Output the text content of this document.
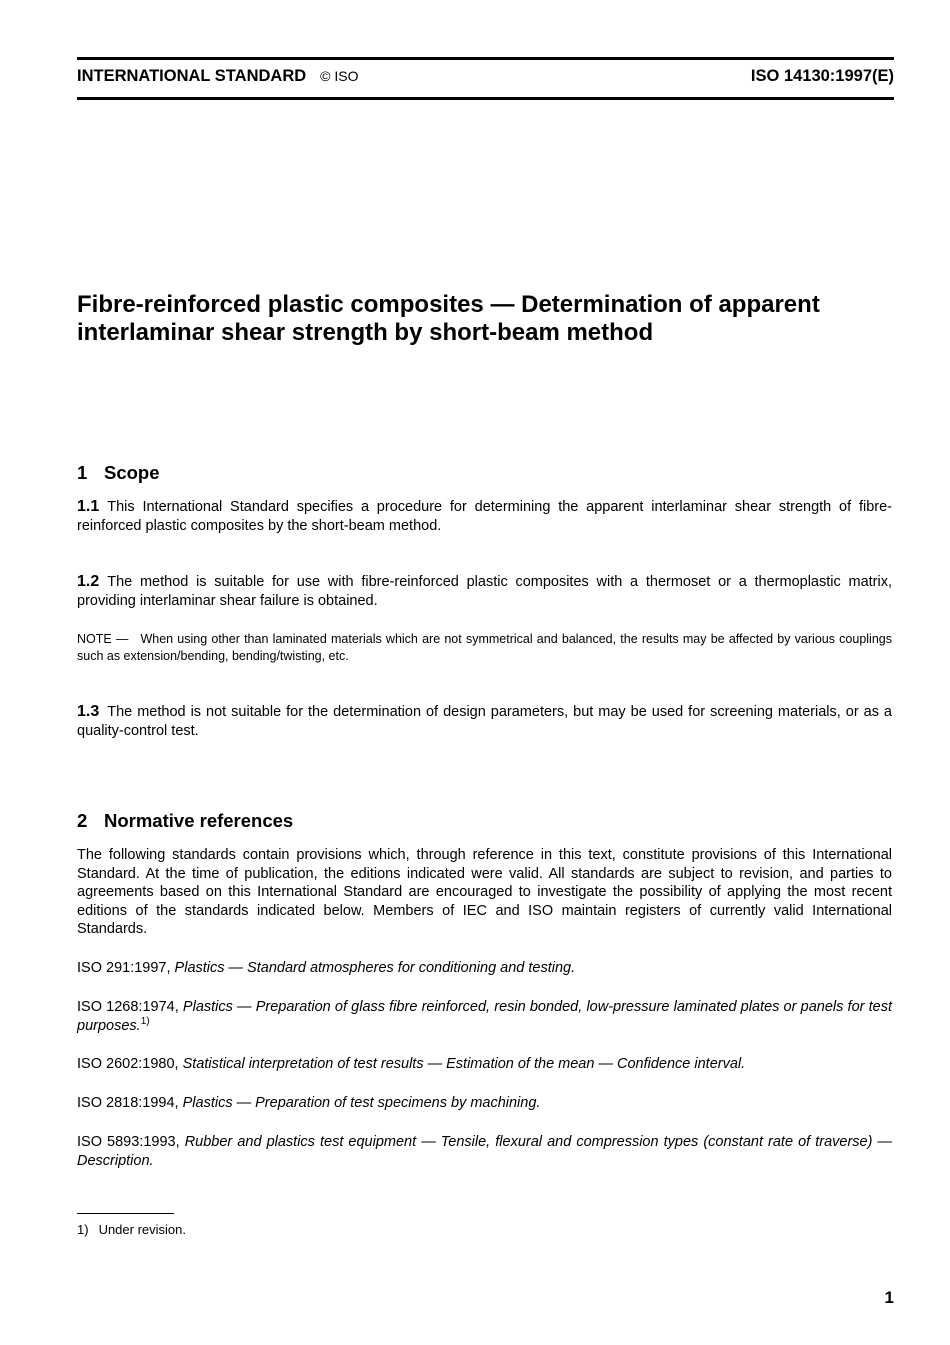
INTERNATIONAL STANDARD © ISO	ISO 14130:1997(E)
Fibre-reinforced plastic composites — Determination of apparent
interlaminar shear strength by short-beam method
1 Scope

1.1 This International Standard specifies a procedure for determining the apparent interlaminar shear strength of fibre-reinforced plastic composites by the short-beam method.

1.2 The method is suitable for use with fibre-reinforced plastic composites with a thermoset or a thermoplastic matrix, providing interlaminar shear failure is obtained.

NOTE — When using other than laminated materials which are not symmetrical and balanced, the results may be affected by various couplings such as extension/bending, bending/twisting, etc.

1.3 The method is not suitable for the determination of design parameters, but may be used for screening materials, or as a quality-control test.

2 Normative references

The following standards contain provisions which, through reference in this text, constitute provisions of this International Standard. At the time of publication, the editions indicated were valid. All standards are subject to revision, and parties to agreements based on this International Standard are encouraged to investigate the possibility of applying the most recent editions of the standards indicated below. Members of IEC and ISO maintain registers of currently valid International Standards.

ISO 291:1997, Plastics — Standard atmospheres for conditioning and testing.

ISO 1268:1974, Plastics — Preparation of glass fibre reinforced, resin bonded, low-pressure laminated plates or panels for test purposes.$^{1)}$

ISO 2602:1980, Statistical interpretation of test results — Estimation of the mean — Confidence interval.

ISO 2818:1994, Plastics — Preparation of test specimens by machining.

ISO 5893:1993, Rubber and plastics test equipment — Tensile, flexural and compression types (constant rate of traverse) — Description.

1) Under revision.

1
